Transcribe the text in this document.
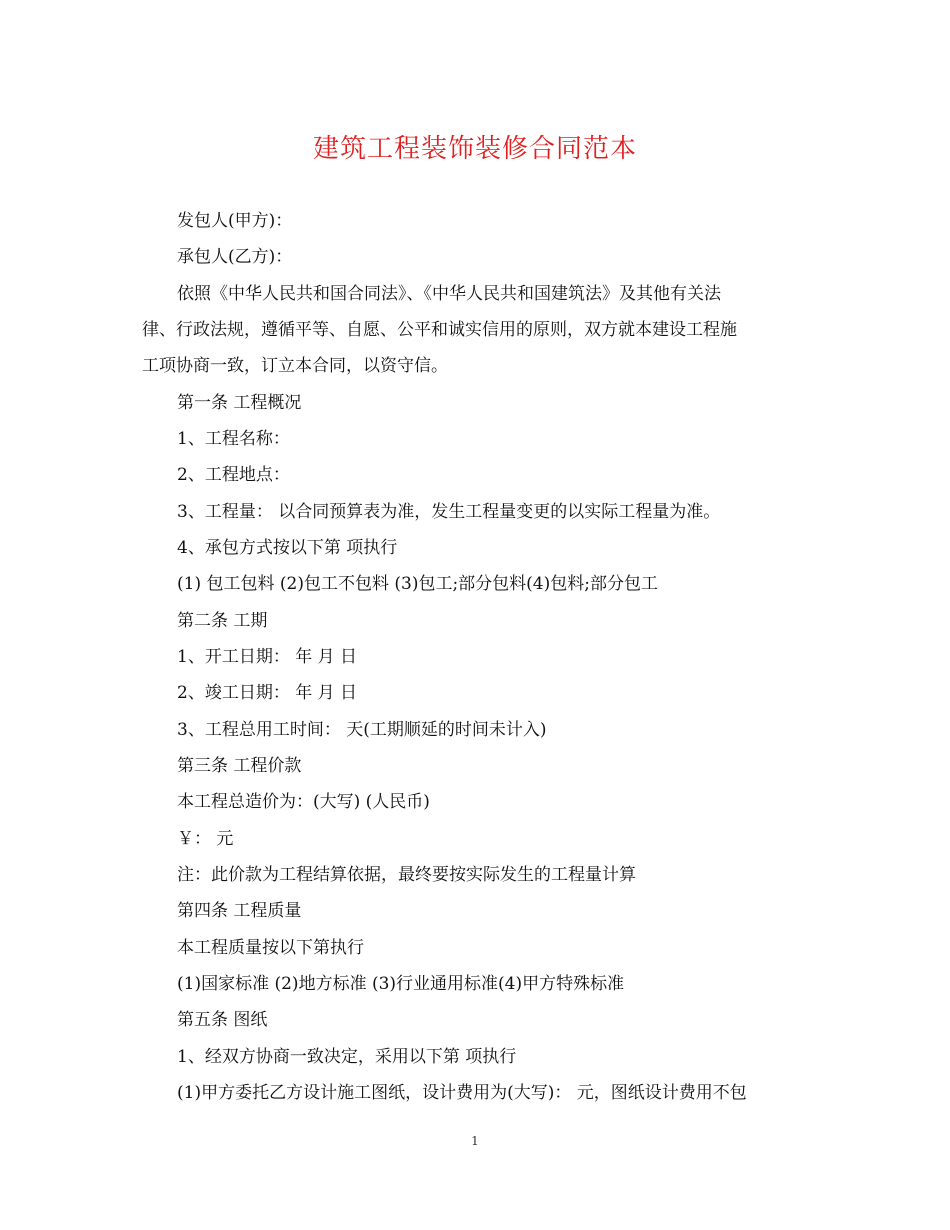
建筑工程装饰装修合同范本
发包人(甲方)：
承包人(乙方)：
依照《中华人民共和国合同法》、《中华人民共和国建筑法》及其他有关法
律、行政法规，遵循平等、自愿、公平和诚实信用的原则，双方就本建设工程施
工项协商一致，订立本合同，以资守信。
第一条 工程概况
1、工程名称：
2、工程地点：
3、工程量： 以合同预算表为准，发生工程量变更的以实际工程量为准。
4、承包方式按以下第 项执行
(1) 包工包料 (2)包工不包料 (3)包工;部分包料(4)包料;部分包工
第二条 工期
1、开工日期： 年 月 日
2、竣工日期： 年 月 日
3、工程总用工时间： 天(工期顺延的时间未计入)
第三条 工程价款
本工程总造价为：(大写) (人民币)
￥： 元
注：此价款为工程结算依据，最终要按实际发生的工程量计算
第四条 工程质量
本工程质量按以下第执行
(1)国家标准 (2)地方标准 (3)行业通用标准(4)甲方特殊标准
第五条 图纸
1、经双方协商一致决定，采用以下第 项执行
(1)甲方委托乙方设计施工图纸，设计费用为(大写)： 元，图纸设计费用不包
1
